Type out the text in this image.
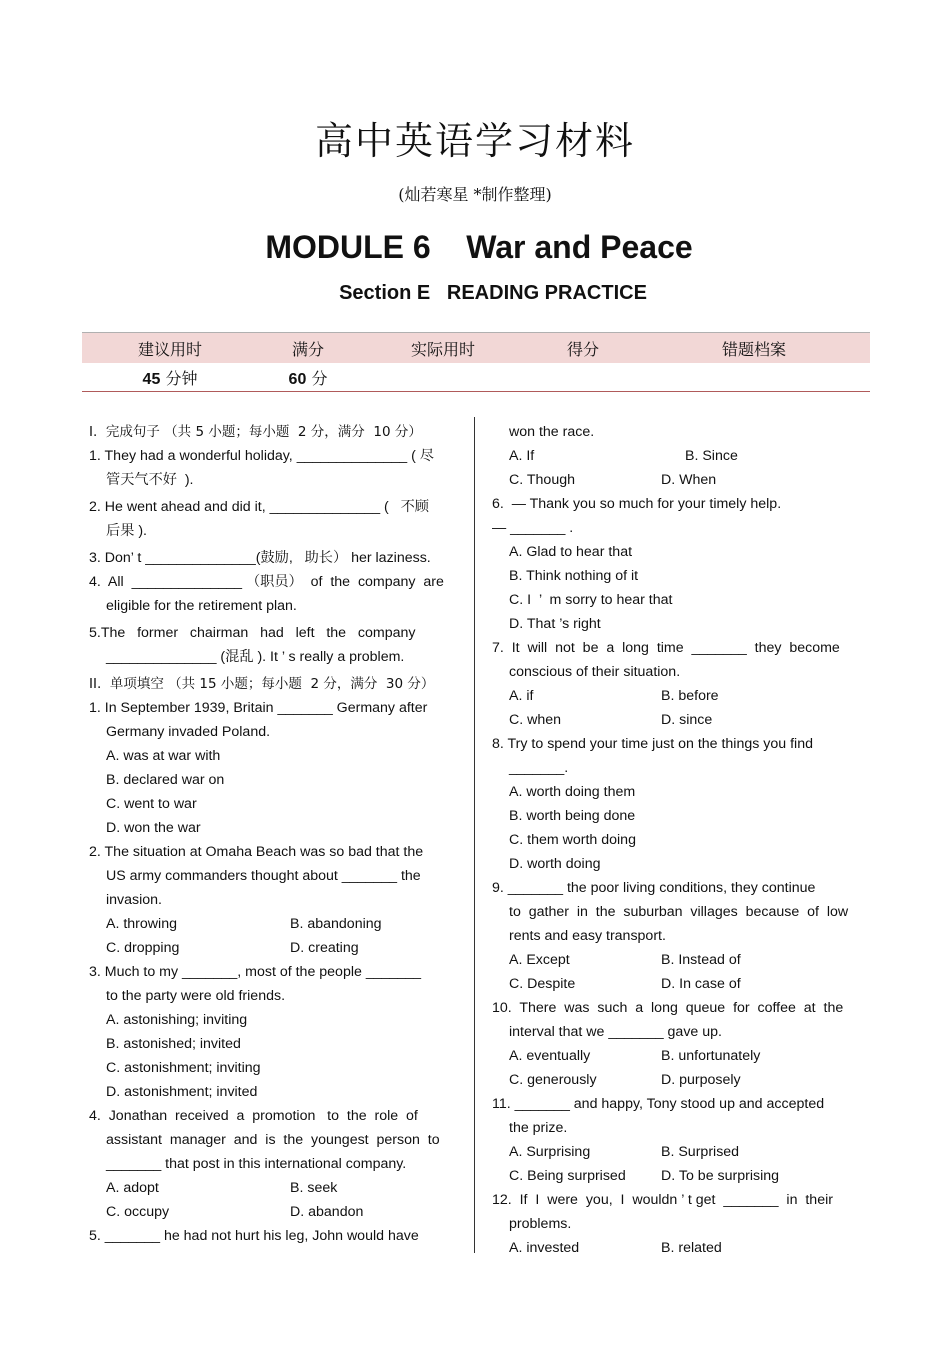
高中英语学习材料
(灿若寒星 *制作整理)
MODULE 6    War and Peace
Section E   READING PRACTICE
建议用时	满分	实际用时	得分	错题档案
45 分钟	60 分			

I.  完成句子 （共 5 小题；每小题  2 分，满分  10 分）

1. They had a wonderful holiday, ______________ ( 尽

管天气不好  ).

2. He went ahead and did it, ______________ (   不顾

后果 ).

3. Don’ t ______________(鼓励,   助长） her laziness.

4.  All  ______________ （职员）  of  the  company  are

eligible for the retirement plan.

5.The   former   chairman   had   left   the   company

______________ (混乱 ). It ’ s really a problem.

II.  单项填空 （共 15 小题；每小题  2 分，满分  30 分）

1. In September 1939, Britain _______ Germany after

Germany invaded Poland.

A. was at war with

B. declared war on

C. went to war

D. won the war

2. The situation at Omaha Beach was so bad that the

US army commanders thought about _______ the

invasion.

A. throwing	B. abandoning
C. dropping	D. creating

3. Much to my _______, most of the people _______

to the party were old friends.

A. astonishing; inviting

B. astonished; invited

C. astonishment; inviting

D. astonishment; invited

4.  Jonathan  received  a  promotion   to  the  role  of

assistant  manager  and  is  the  youngest  person  to

_______ that post in this international company.

A. adopt	B. seek
C. occupy	D. abandon

5. _______ he had not hurt his leg, John would have

won the race.

A. If	B. Since
C. Though	D. When

6.  — Thank you so much for your timely help.

— _______ .

A. Glad to hear that

B. Think nothing of it

C. I  ’  m sorry to hear that

D. That ’s right

7.  It  will  not  be  a  long  time  _______  they  become

conscious of their situation.

A. if	B. before
C. when	D. since

8. Try to spend your time just on the things you find

_______.

A. worth doing them

B. worth being done

C. them worth doing

D. worth doing

9. _______ the poor living conditions, they continue

to  gather  in  the  suburban  villages  because  of  low

rents and easy transport.

A. Except	B. Instead of
C. Despite	D. In case of

10.  There  was  such  a  long  queue  for  coffee  at  the

interval that we _______ gave up.

A. eventually	B. unfortunately
C. generously	D. purposely

11. _______ and happy, Tony stood up and accepted

the prize.

A. Surprising	B. Surprised
C. Being surprised	D. To be surprising

12.  If  I  were  you,  I  wouldn ’ t get  _______  in  their

problems.

A. invested	B. related
